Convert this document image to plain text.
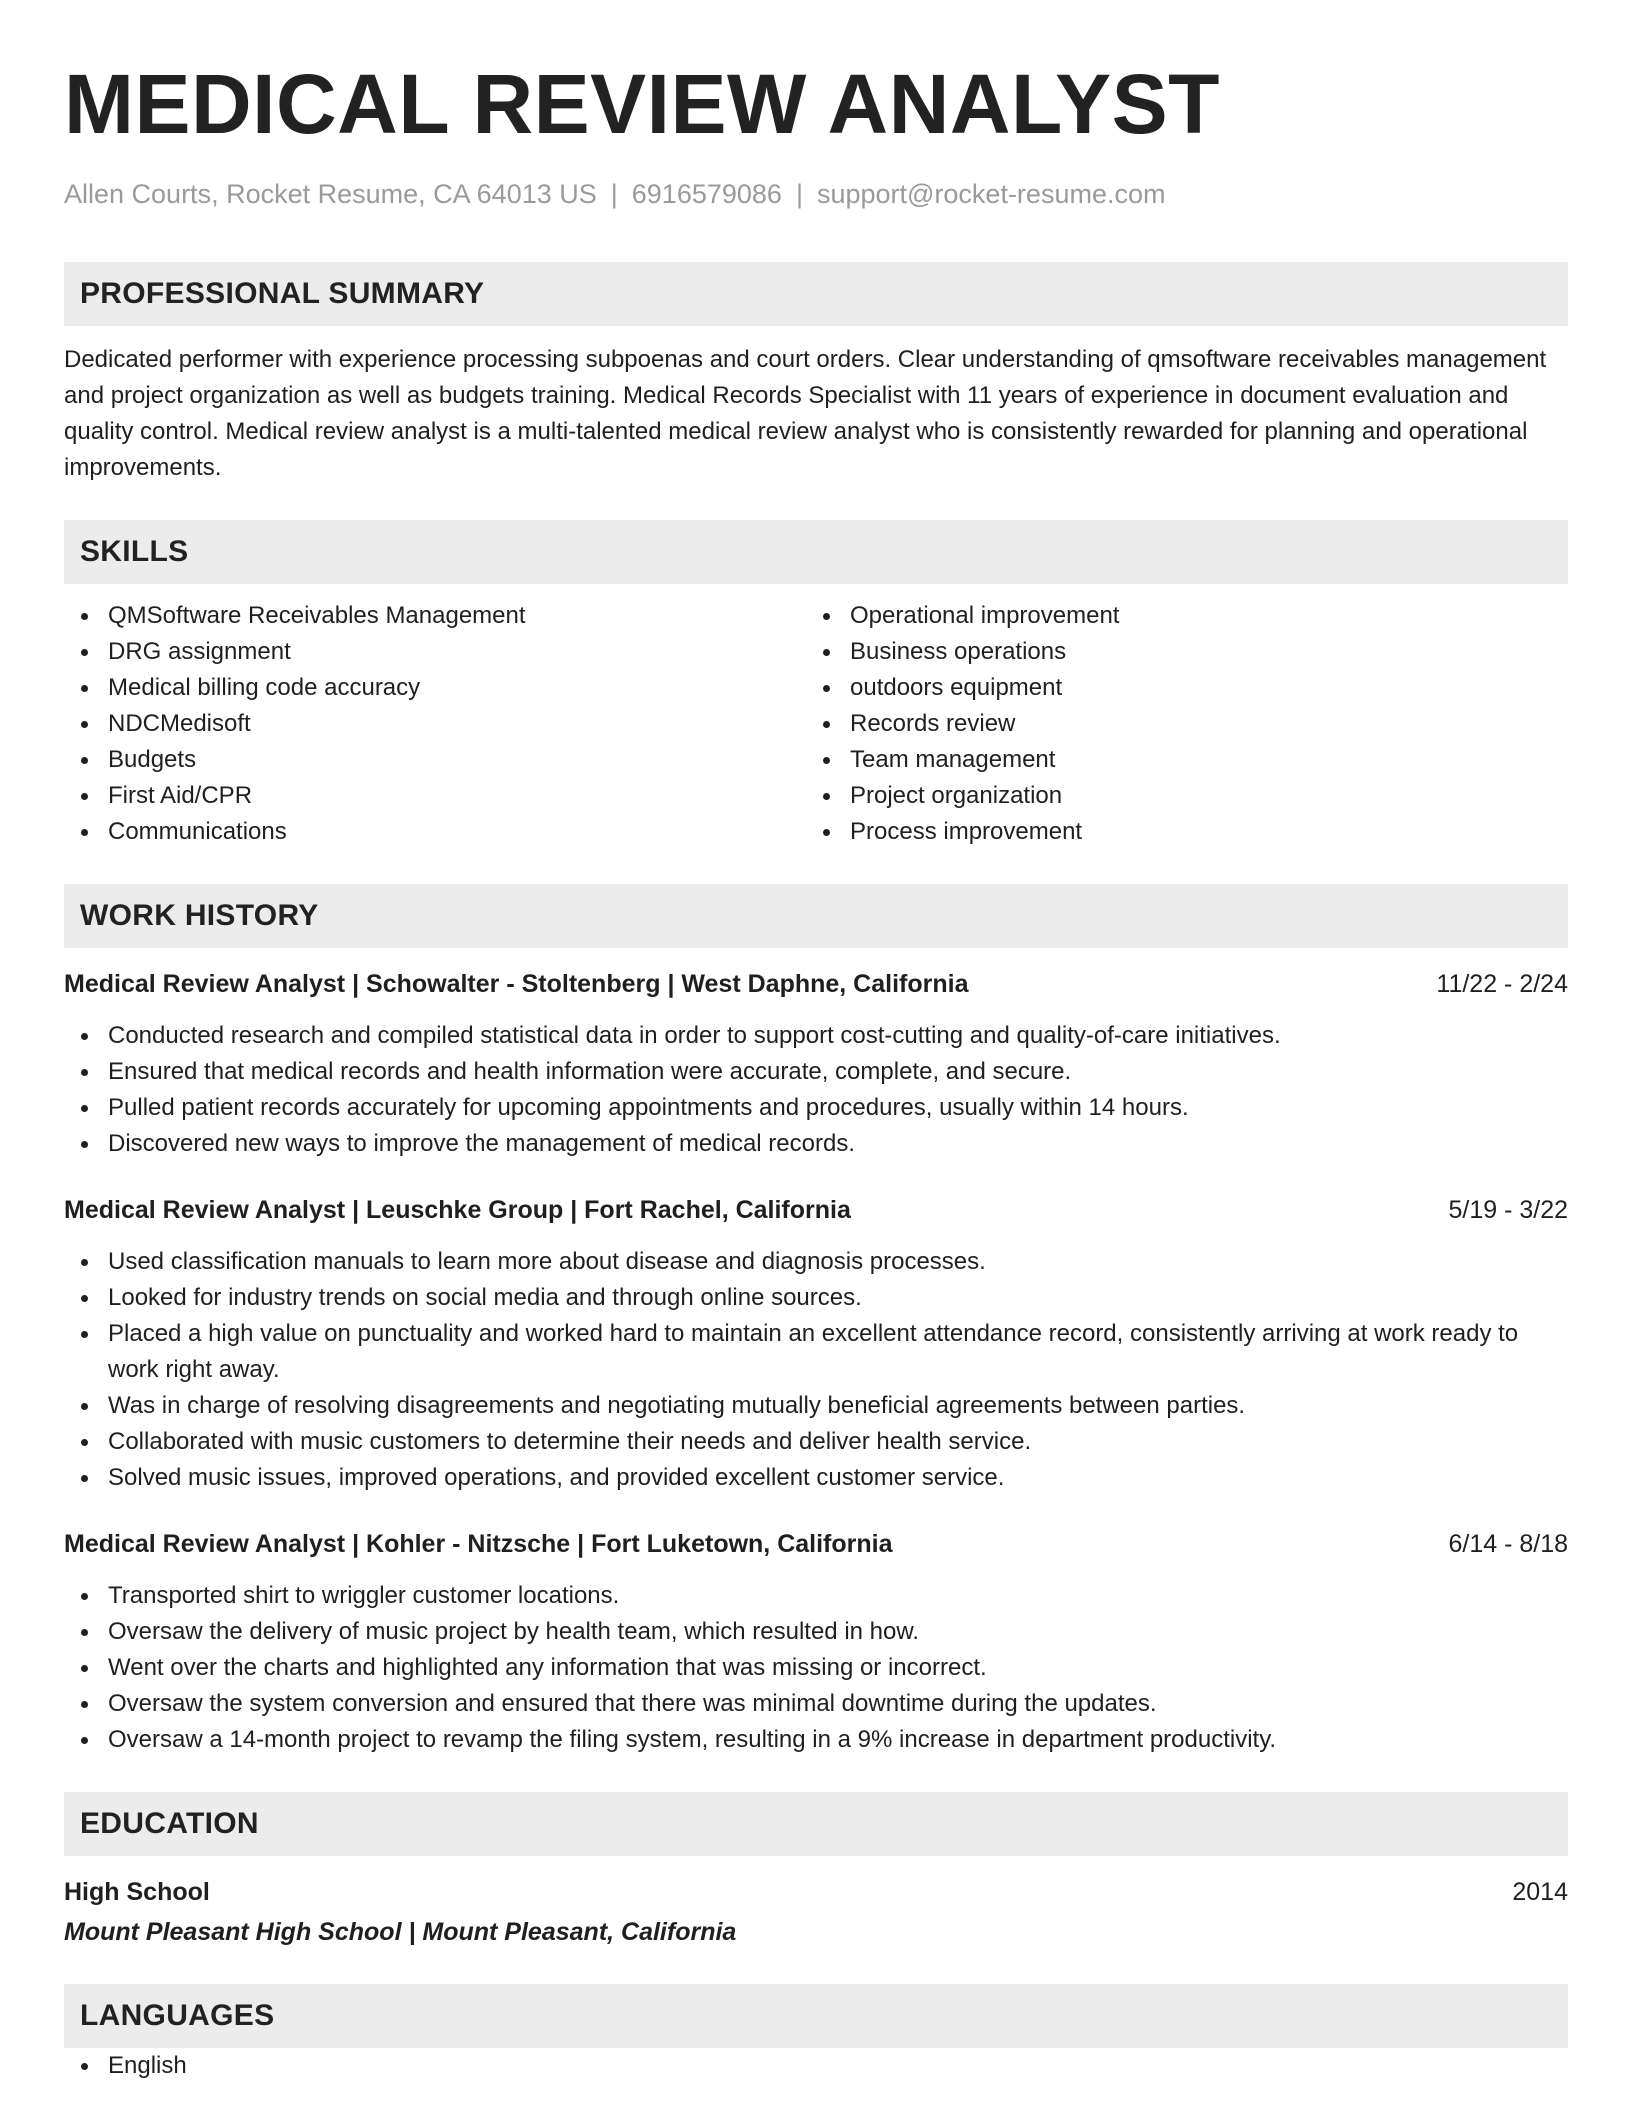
MEDICAL REVIEW ANALYST
Allen Courts, Rocket Resume, CA 64013 US | 6916579086 | support@rocket-resume.com
PROFESSIONAL SUMMARY
Dedicated performer with experience processing subpoenas and court orders. Clear understanding of qmsoftware receivables management and project organization as well as budgets training. Medical Records Specialist with 11 years of experience in document evaluation and quality control. Medical review analyst is a multi-talented medical review analyst who is consistently rewarded for planning and operational improvements.
SKILLS
QMSoftware Receivables Management
DRG assignment
Medical billing code accuracy
NDCMedisoft
Budgets
First Aid/CPR
Communications
Operational improvement
Business operations
outdoors equipment
Records review
Team management
Project organization
Process improvement
WORK HISTORY
Medical Review Analyst | Schowalter - Stoltenberg | West Daphne, California	11/22 - 2/24
Conducted research and compiled statistical data in order to support cost-cutting and quality-of-care initiatives.
Ensured that medical records and health information were accurate, complete, and secure.
Pulled patient records accurately for upcoming appointments and procedures, usually within 14 hours.
Discovered new ways to improve the management of medical records.
Medical Review Analyst | Leuschke Group | Fort Rachel, California	5/19 - 3/22
Used classification manuals to learn more about disease and diagnosis processes.
Looked for industry trends on social media and through online sources.
Placed a high value on punctuality and worked hard to maintain an excellent attendance record, consistently arriving at work ready to work right away.
Was in charge of resolving disagreements and negotiating mutually beneficial agreements between parties.
Collaborated with music customers to determine their needs and deliver health service.
Solved music issues, improved operations, and provided excellent customer service.
Medical Review Analyst | Kohler - Nitzsche | Fort Luketown, California	6/14 - 8/18
Transported shirt to wriggler customer locations.
Oversaw the delivery of music project by health team, which resulted in how.
Went over the charts and highlighted any information that was missing or incorrect.
Oversaw the system conversion and ensured that there was minimal downtime during the updates.
Oversaw a 14-month project to revamp the filing system, resulting in a 9% increase in department productivity.
EDUCATION
High School	2014
Mount Pleasant High School | Mount Pleasant, California
LANGUAGES
English
